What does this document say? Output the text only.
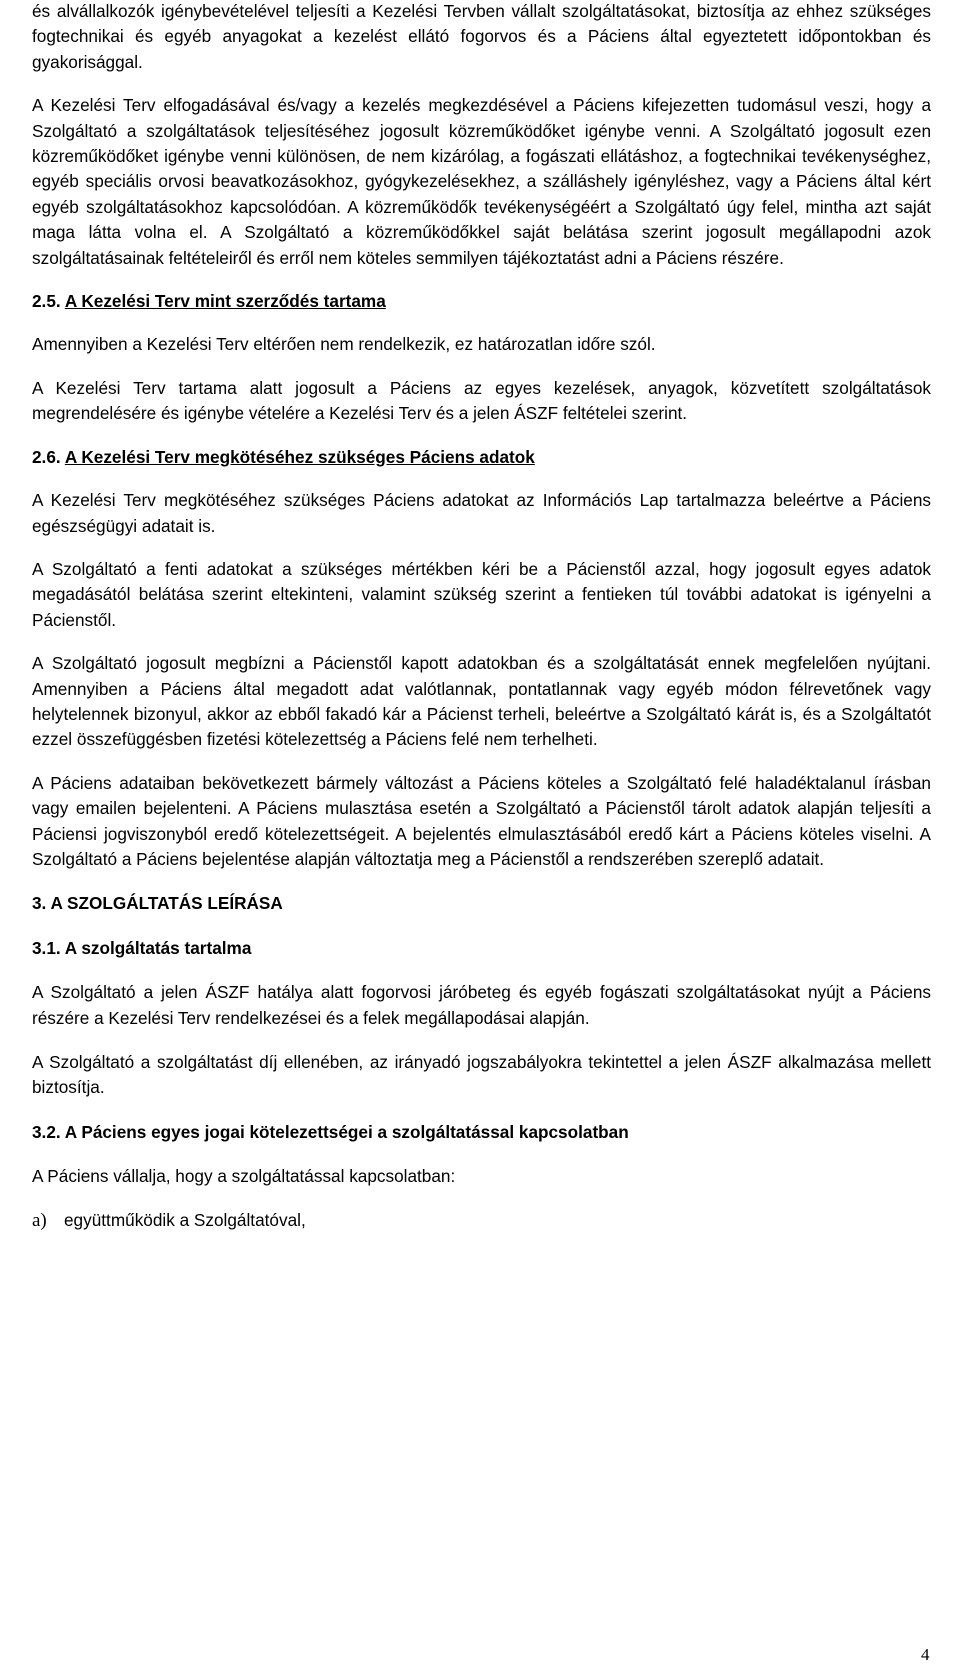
és alvállalkozók igénybevételével teljesíti a Kezelési Tervben vállalt szolgáltatásokat, biztosítja az ehhez szükséges fogtechnikai és egyéb anyagokat a kezelést ellátó fogorvos és a Páciens által egyeztetett időpontokban és gyakorisággal.

A Kezelési Terv elfogadásával és/vagy a kezelés megkezdésével a Páciens kifejezetten tudomásul veszi, hogy a Szolgáltató a szolgáltatások teljesítéséhez jogosult közreműködőket igénybe venni. A Szolgáltató jogosult ezen közreműködőket igénybe venni különösen, de nem kizárólag, a fogászati ellátáshoz, a fogtechnikai tevékenységhez, egyéb speciális orvosi beavatkozásokhoz, gyógykezelésekhez, a szálláshely igényléshez, vagy a Páciens által kért egyéb szolgáltatásokhoz kapcsolódóan. A közreműködők tevékenységéért a Szolgáltató úgy felel, mintha azt saját maga látta volna el. A Szolgáltató a közreműködőkkel saját belátása szerint jogosult megállapodni azok szolgáltatásainak feltételeiről és erről nem köteles semmilyen tájékoztatást adni a Páciens részére.

2.5. A Kezelési Terv mint szerződés tartama

Amennyiben a Kezelési Terv eltérően nem rendelkezik, ez határozatlan időre szól.

A Kezelési Terv tartama alatt jogosult a Páciens az egyes kezelések, anyagok, közvetített szolgáltatások megrendelésére és igénybe vételére a Kezelési Terv és a jelen ÁSZF feltételei szerint.

2.6. A Kezelési Terv megkötéséhez szükséges Páciens adatok

A Kezelési Terv megkötéséhez szükséges Páciens adatokat az Információs Lap tartalmazza beleértve a Páciens egészségügyi adatait is.

A Szolgáltató a fenti adatokat a szükséges mértékben kéri be a Pácienstől azzal, hogy jogosult egyes adatok megadásától belátása szerint eltekinteni, valamint szükség szerint a fentieken túl további adatokat is igényelni a Pácienstől.

A Szolgáltató jogosult megbízni a Pácienstől kapott adatokban és a szolgáltatását ennek megfelelően nyújtani. Amennyiben a Páciens által megadott adat valótlannak, pontatlannak vagy egyéb módon félrevetőnek vagy helytelennek bizonyul, akkor az ebből fakadó kár a Pácienst terheli, beleértve a Szolgáltató kárát is, és a Szolgáltatót ezzel összefüggésben fizetési kötelezettség a Páciens felé nem terhelheti.

A Páciens adataiban bekövetkezett bármely változást a Páciens köteles a Szolgáltató felé haladéktalanul írásban vagy emailen bejelenteni. A Páciens mulasztása esetén a Szolgáltató a Pácienstől tárolt adatok alapján teljesíti a Páciensi jogviszonyból eredő kötelezettségeit. A bejelentés elmulasztásából eredő kárt a Páciens köteles viselni. A Szolgáltató a Páciens bejelentése alapján változtatja meg a Pácienstől a rendszerében szereplő adatait.

3. A SZOLGÁLTATÁS LEÍRÁSA

3.1. A szolgáltatás tartalma

A Szolgáltató a jelen ÁSZF hatálya alatt fogorvosi járóbeteg és egyéb fogászati szolgáltatásokat nyújt a Páciens részére a Kezelési Terv rendelkezései és a felek megállapodásai alapján.

A Szolgáltató a szolgáltatást díj ellenében, az irányadó jogszabályokra tekintettel a jelen ÁSZF alkalmazása mellett biztosítja.

3.2. A Páciens egyes jogai kötelezettségei a szolgáltatással kapcsolatban

A Páciens vállalja, hogy a szolgáltatással kapcsolatban:

a)	együttműködik a Szolgáltatóval,
4
